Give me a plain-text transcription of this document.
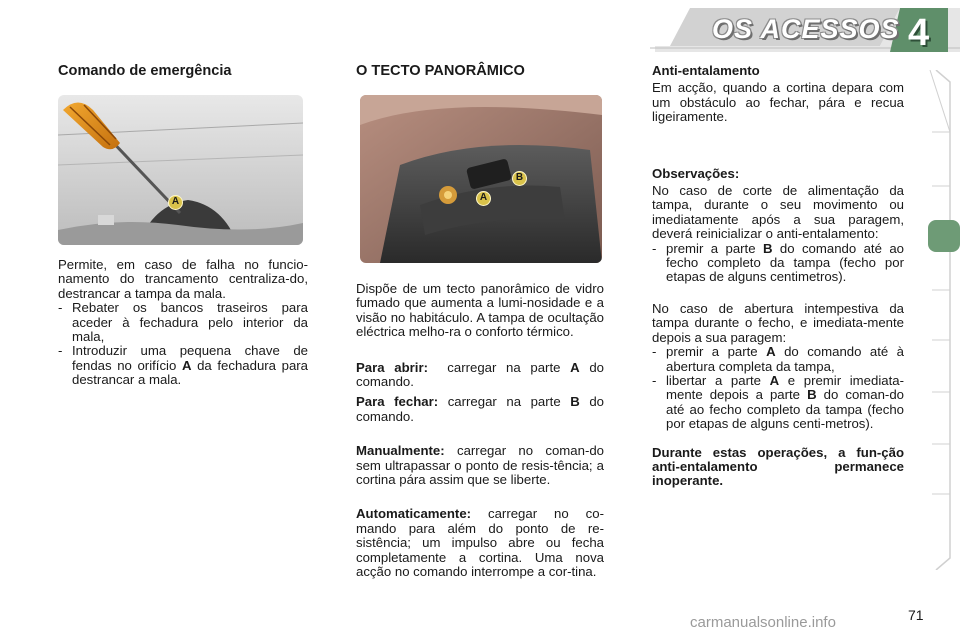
OS ACESSOS 4

Comando de emergência

A

Permite, em caso de falha no funcio-namento do trancamento centraliza-do, destrancar a tampa da mala.

- Rebater os bancos traseiros para aceder à fechadura pelo interior da mala,
- Introduzir uma pequena chave de fendas no orifício A da fechadura para destrancar a mala.

O TECTO PANORÂMICO

B
A

Dispõe de um tecto panorâmico de vidro fumado que aumenta a lumi-nosidade e a visão no habitáculo. A tampa de ocultação eléctrica melho-ra o conforto térmico.

Para abrir: carregar na parte A do comando.

Para fechar: carregar na parte B do comando.

Manualmente: carregar no coman-do sem ultrapassar o ponto de resis-tência; a cortina pára assim que se liberte.

Automaticamente: carregar no co-mando para além do ponto de re-sistência; um impulso abre ou fecha completamente a cortina. Uma nova acção no comando interrompe a cor-tina.

Anti-entalamento

Em acção, quando a cortina depara com um obstáculo ao fechar, pára e recua ligeiramente.

Observações:

No caso de corte de alimentação da tampa, durante o seu movimento ou imediatamente após a sua paragem, deverá reinicializar o anti-entalamento:

- premir a parte B do comando até ao fecho completo da tampa (fecho por etapas de alguns centimetros).

No caso de abertura intempestiva da tampa durante o fecho, e imediata-mente depois a sua paragem:

- premir a parte A do comando até à abertura completa da tampa,
- libertar a parte A e premir imediata-mente depois a parte B do coman-do até ao fecho completo da tampa (fecho por etapas de alguns centi-metros).

Durante estas operações, a fun-ção anti-entalamento permanece inoperante.

carmanualsonline.info	71
